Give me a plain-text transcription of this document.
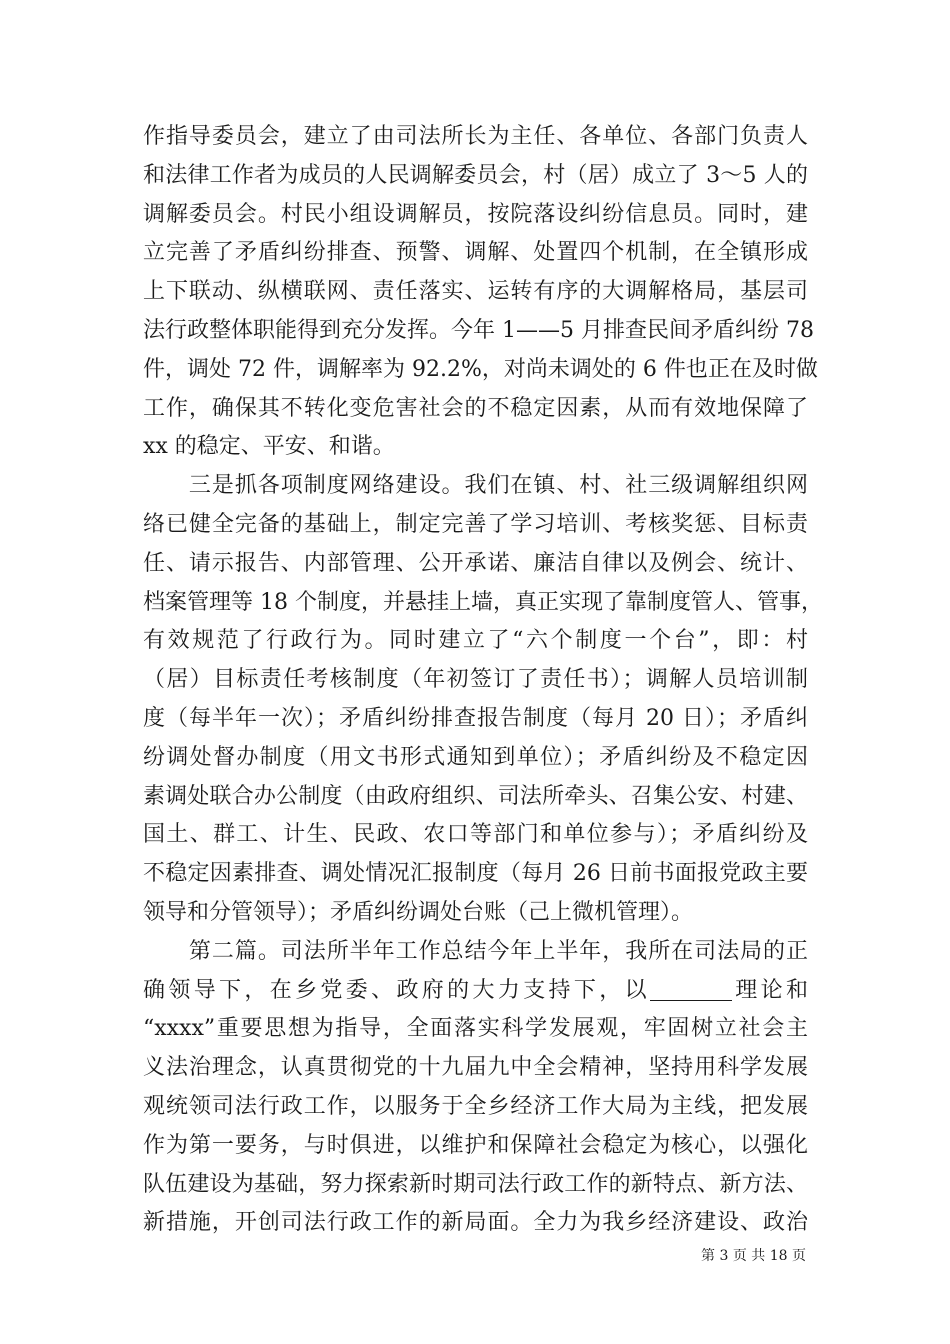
作指导委员会，建立了由司法所长为主任、各单位、各部门负责人
和法律工作者为成员的人民调解委员会，村（居）成立了 3～5 人的
调解委员会。村民小组设调解员，按院落设纠纷信息员。同时，建
立完善了矛盾纠纷排查、预警、调解、处置四个机制，在全镇形成
上下联动、纵横联网、责任落实、运转有序的大调解格局，基层司
法行政整体职能得到充分发挥。今年 1——5 月排查民间矛盾纠纷 78
件，调处 72 件，调解率为 92.2%，对尚未调处的 6 件也正在及时做
工作，确保其不转化变危害社会的不稳定因素，从而有效地保障了
xx 的稳定、平安、和谐。
　　三是抓各项制度网络建设。我们在镇、村、社三级调解组织网
络已健全完备的基础上，制定完善了学习培训、考核奖惩、目标责
任、请示报告、内部管理、公开承诺、廉洁自律以及例会、统计、
档案管理等 18 个制度，并悬挂上墙，真正实现了靠制度管人、管事，
有效规范了行政行为。同时建立了“六个制度一个台”，即：村
（居）目标责任考核制度（年初签订了责任书）；调解人员培训制
度（每半年一次）；矛盾纠纷排查报告制度（每月 20 日）；矛盾纠
纷调处督办制度（用文书形式通知到单位）；矛盾纠纷及不稳定因
素调处联合办公制度（由政府组织、司法所牵头、召集公安、村建、
国土、群工、计生、民政、农口等部门和单位参与）；矛盾纠纷及
不稳定因素排查、调处情况汇报制度（每月 26 日前书面报党政主要
领导和分管领导）；矛盾纠纷调处台账（己上微机管理）。
　　第二篇。司法所半年工作总结今年上半年，我所在司法局的正
确领导下，在乡党委、政府的大力支持下，以	理论和
“xxxx”重要思想为指导，全面落实科学发展观，牢固树立社会主
义法治理念，认真贯彻党的十九届九中全会精神，坚持用科学发展
观统领司法行政工作，以服务于全乡经济工作大局为主线，把发展
作为第一要务，与时俱进，以维护和保障社会稳定为核心，以强化
队伍建设为基础，努力探索新时期司法行政工作的新特点、新方法、
新措施，开创司法行政工作的新局面。全力为我乡经济建设、政治
第 3 页 共 18 页
